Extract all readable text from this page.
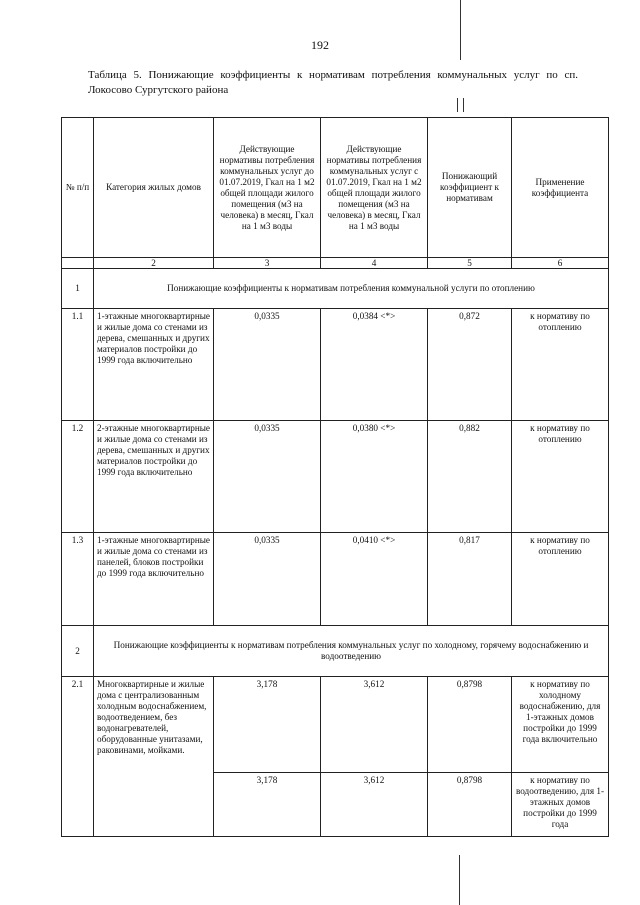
192
Таблица 5. Понижающие коэффициенты к нормативам потребления коммунальных услуг по сп. Локосово Сургутского района
№ п/п	Категория жилых домов	Действующие нормативы потребления коммунальных услуг до 01.07.2019, Гкал на 1 м2 общей площади жилого помещения (м3 на человека) в месяц, Гкал на 1 м3 воды	Действующие нормативы потребления коммунальных услуг с 01.07.2019, Гкал на 1 м2 общей площади жилого помещения (м3 на человека) в месяц, Гкал на 1 м3 воды	Понижающий коэффициент к нормативам	Применение коэффициента
	2	3	4	5	6
1	Понижающие коэффициенты к нормативам потребления коммунальной услуги по отоплению				
1.1	1-этажные многоквартирные и жилые дома со стенами из дерева, смешанных и других материалов постройки до 1999 года включительно	0,0335	0,0384 <*>	0,872	к нормативу по отоплению
1.2	2-этажные многоквартирные и жилые дома со стенами из дерева, смешанных и других материалов постройки до 1999 года включительно	0,0335	0,0380 <*>	0,882	к нормативу по отоплению
1.3	1-этажные многоквартирные и жилые дома со стенами из панелей, блоков постройки до 1999 года включительно	0,0335	0,0410 <*>	0,817	к нормативу по отоплению
2	Понижающие коэффициенты к нормативам потребления коммунальных услуг по холодному, горячему водоснабжению и водоотведению				
2.1	Многоквартирные и жилые дома с централизованным холодным водоснабжением, водоотведением, без водонагревателей, оборудованные унитазами, раковинами, мойками.	3,178	3,612	0,8798	к нормативу по холодному водоснабжению, для 1-этажных домов постройки до 1999 года включительно
		3,178	3,612	0,8798	к нормативу по водоотведению, для 1-этажных домов постройки до 1999 года
